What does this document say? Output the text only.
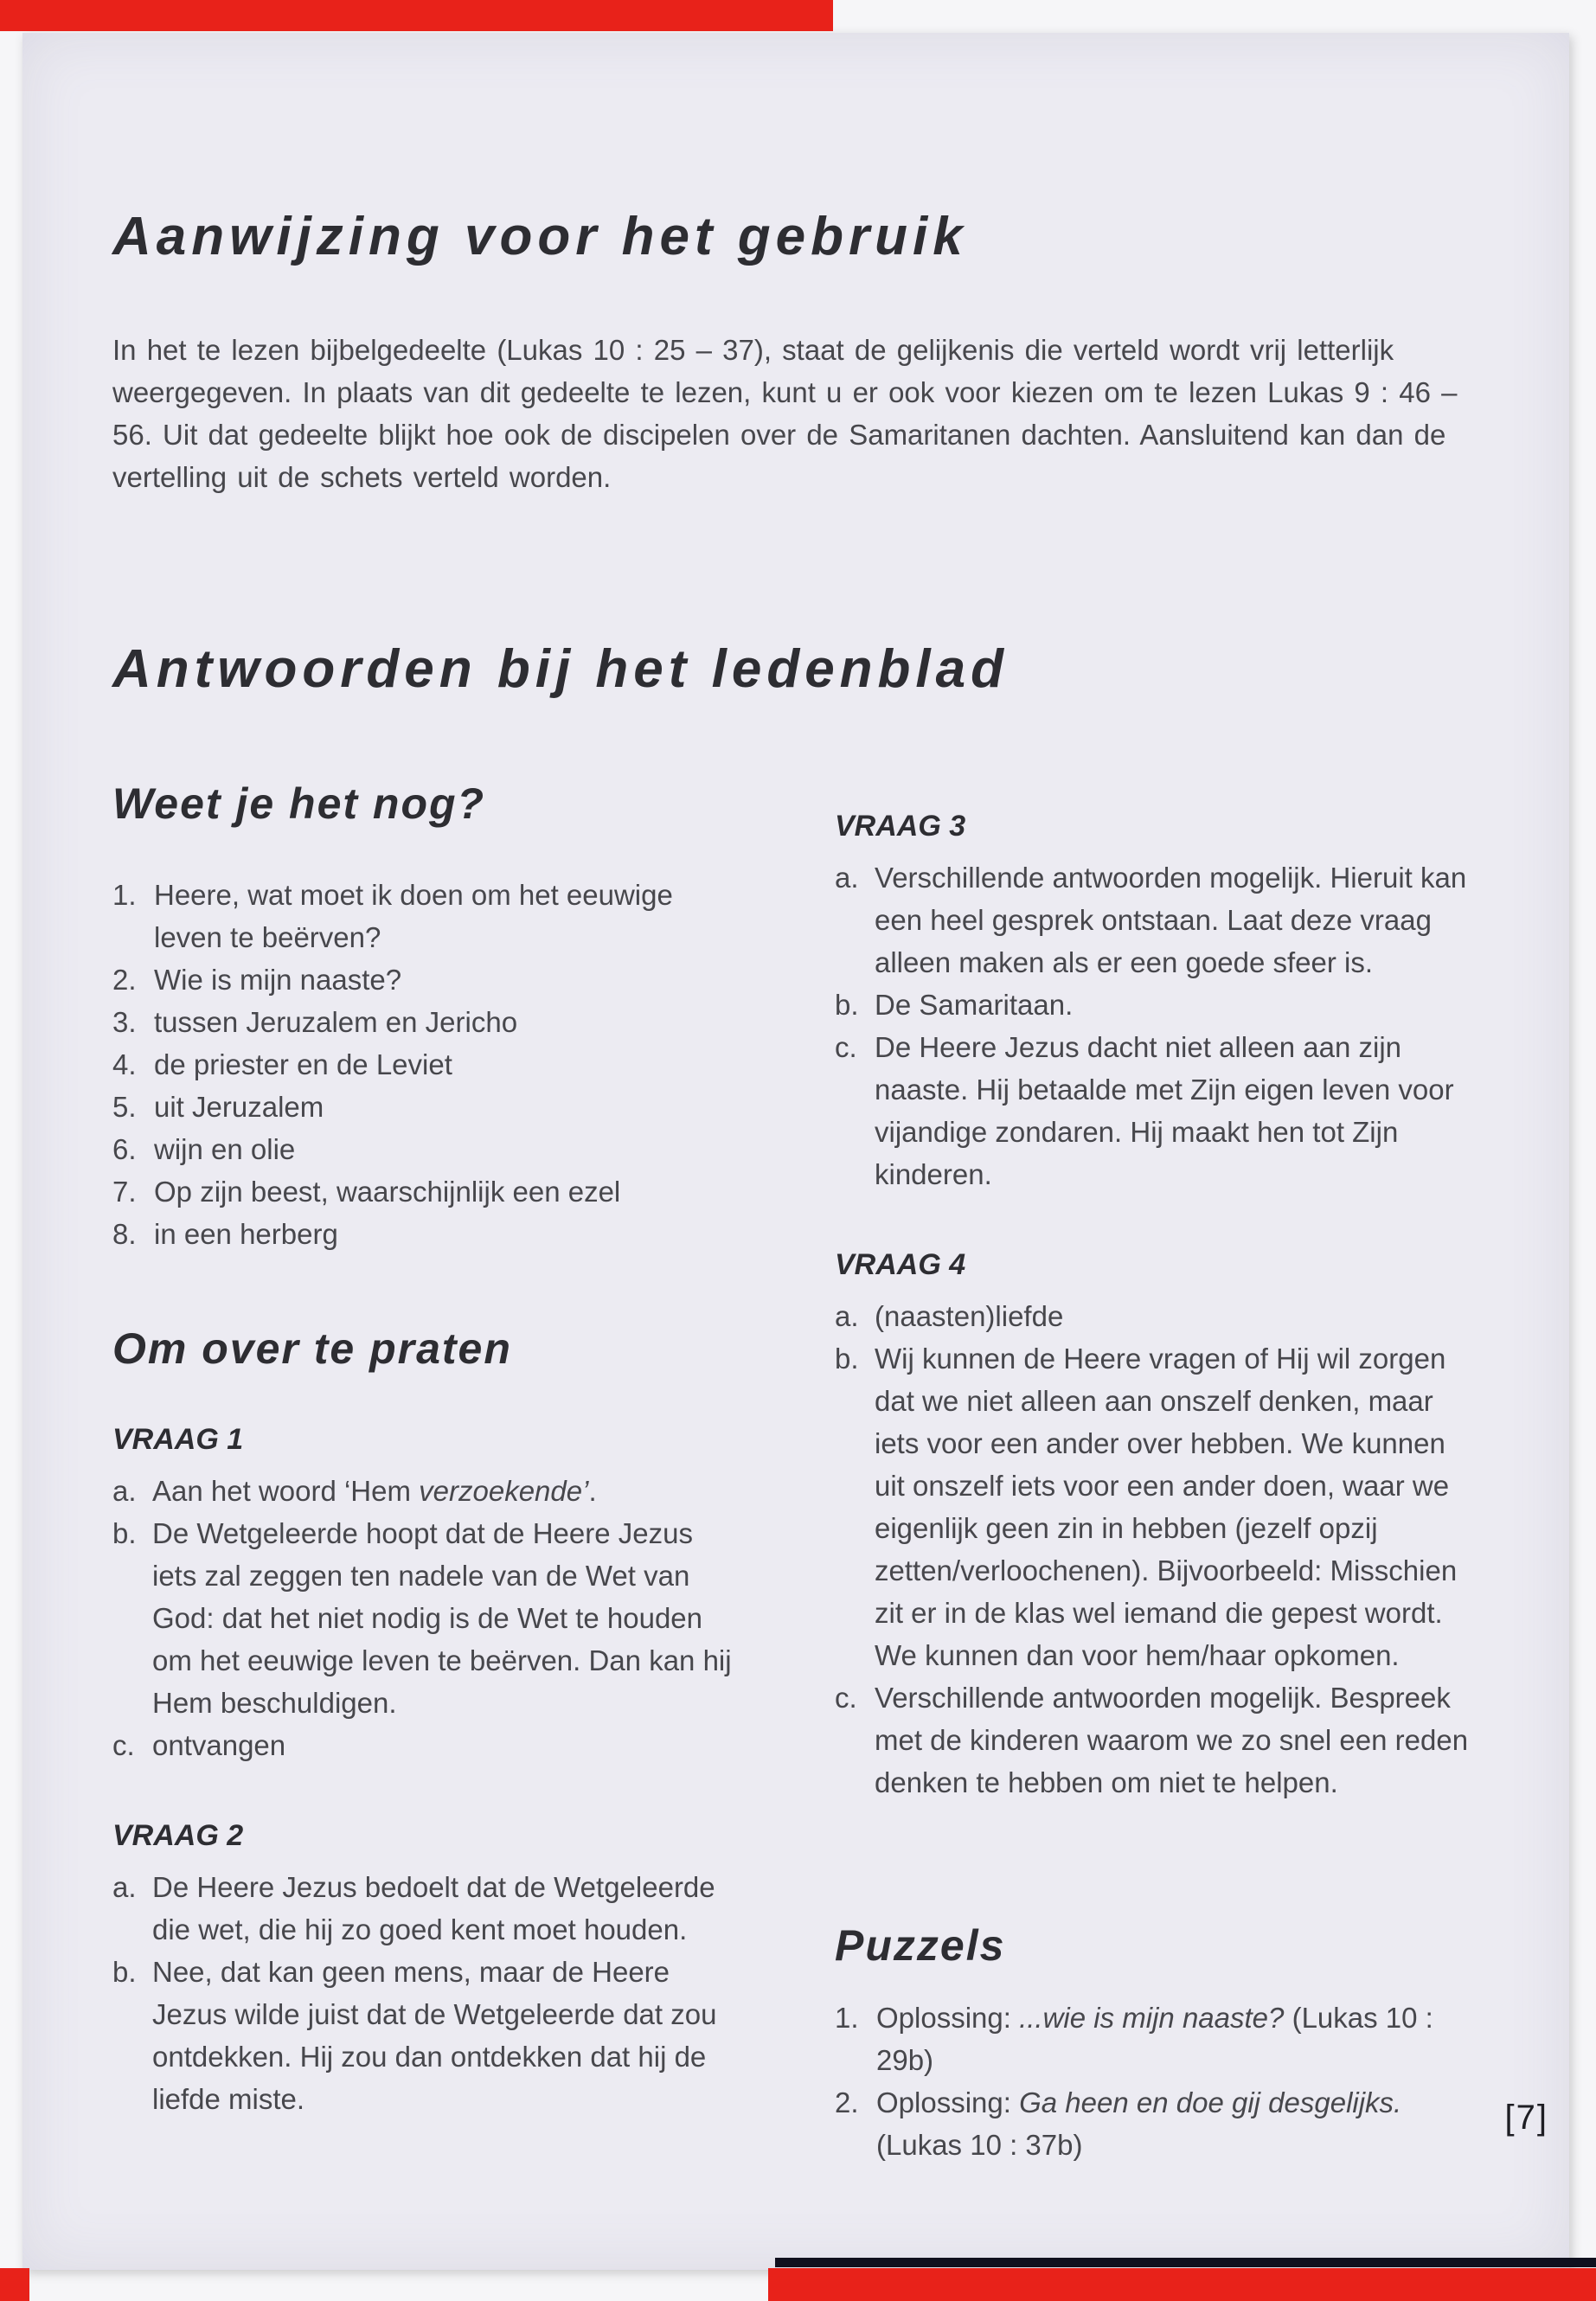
Aanwijzing voor het gebruik

In het te lezen bijbelgedeelte (Lukas 10 : 25 – 37), staat de gelijkenis die verteld wordt vrij letterlijk weergegeven. In plaats van dit gedeelte te lezen, kunt u er ook voor kiezen om te lezen Lukas 9 : 46 – 56. Uit dat gedeelte blijkt hoe ook de discipelen over de Samaritanen dachten. Aansluitend kan dan de vertelling uit de schets verteld worden.

Antwoorden bij het ledenblad
Weet je het nog?
1. Heere, wat moet ik doen om het eeuwige leven te beërven?
2. Wie is mijn naaste?
3. tussen Jeruzalem en Jericho
4. de priester en de Leviet
5. uit Jeruzalem
6. wijn en olie
7. Op zijn beest, waarschijnlijk een ezel
8. in een herberg
Om over te praten
VRAAG 1
a. Aan het woord ‘Hem verzoekende’.
b. De Wetgeleerde hoopt dat de Heere Jezus iets zal zeggen ten nadele van de Wet van God: dat het niet nodig is de Wet te houden om het eeuwige leven te beërven. Dan kan hij Hem beschuldigen.
c. ontvangen
VRAAG 2
a. De Heere Jezus bedoelt dat de Wetgeleerde die wet, die hij zo goed kent moet houden.
b. Nee, dat kan geen mens, maar de Heere Jezus wilde juist dat de Wetgeleerde dat zou ontdekken. Hij zou dan ontdekken dat hij de liefde miste.
VRAAG 3
a. Verschillende antwoorden mogelijk. Hieruit kan een heel gesprek ontstaan. Laat deze vraag alleen maken als er een goede sfeer is.
b. De Samaritaan.
c. De Heere Jezus dacht niet alleen aan zijn naaste. Hij betaalde met Zijn eigen leven voor vijandige zondaren. Hij maakt hen tot Zijn kinderen.
VRAAG 4
a. (naasten)liefde
b. Wij kunnen de Heere vragen of Hij wil zorgen dat we niet alleen aan onszelf denken, maar iets voor een ander over hebben. We kunnen uit onszelf iets voor een ander doen, waar we eigenlijk geen zin in hebben (jezelf opzij zetten/verloochenen). Bijvoorbeeld: Misschien zit er in de klas wel iemand die gepest wordt. We kunnen dan voor hem/haar opkomen.
c. Verschillende antwoorden mogelijk. Bespreek met de kinderen waarom we zo snel een reden denken te hebben om niet te helpen.
Puzzels
1. Oplossing: ...wie is mijn naaste? (Lukas 10 : 29b)
2. Oplossing: Ga heen en doe gij desgelijks. (Lukas 10 : 37b)
[7]
